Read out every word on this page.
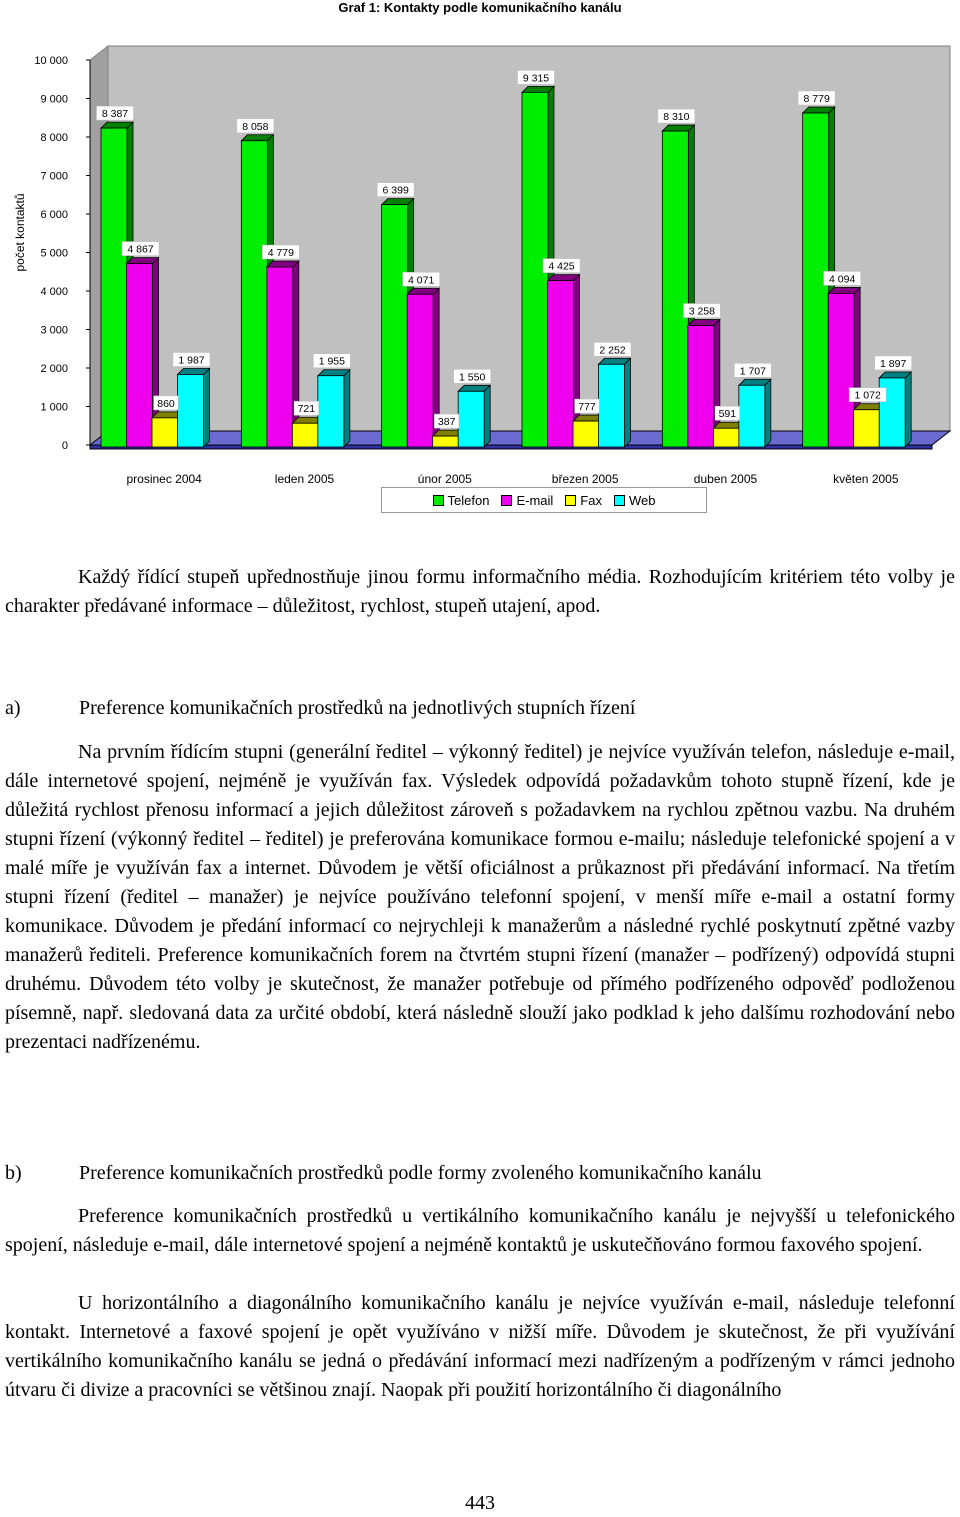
Graf 1: Kontakty podle komunikačního kanálu
0
1 000
2 000
3 000
4 000
5 000
6 000
7 000
8 000
9 000
10 000
počet kontaktů
prosinec 2004	leden 2005	únor 2005	březen 2005	duben 2005	květen 2005
8 387
4 867
860
1 987
8 058
4 779
721
1 955
6 399
4 071
387
1 550
9 315
4 425
777
2 252
8 310
3 258
591
1 707
8 779
4 094
1 072
1 897
Telefon E-mail Fax Web

Každý řídící stupeň upřednostňuje jinou formu informačního média. Rozhodujícím kritériem této volby je charakter předávané informace – důležitost, rychlost, stupeň utajení, apod.

a)	Preference komunikačních prostředků na jednotlivých stupních řízení

Na prvním řídícím stupni (generální ředitel – výkonný ředitel) je nejvíce využíván telefon, následuje e-mail, dále internetové spojení, nejméně je využíván fax. Výsledek odpovídá požadavkům tohoto stupně řízení, kde je důležitá rychlost přenosu informací a jejich důležitost zároveň s požadavkem na rychlou zpětnou vazbu. Na druhém stupni řízení (výkonný ředitel – ředitel) je preferována komunikace formou e-mailu; následuje telefonické spojení a v malé míře je využíván fax a internet. Důvodem je větší oficiálnost a průkaznost při předávání informací. Na třetím stupni řízení (ředitel – manažer) je nejvíce používáno telefonní spojení, v menší míře e-mail a ostatní formy komunikace. Důvodem je předání informací co nejrychleji k manažerům a následné rychlé poskytnutí zpětné vazby manažerů řediteli. Preference komunikačních forem na čtvrtém stupni řízení (manažer – podřízený) odpovídá stupni druhému. Důvodem této volby je skutečnost, že manažer potřebuje od přímého podřízeného odpověď podloženou písemně, např. sledovaná data za určité období, která následně slouží jako podklad k jeho dalšímu rozhodování nebo prezentaci nadřízenému.

b)	Preference komunikačních prostředků podle formy zvoleného komunikačního kanálu

Preference komunikačních prostředků u vertikálního komunikačního kanálu je nejvyšší u telefonického spojení, následuje e-mail, dále internetové spojení a nejméně kontaktů je uskutečňováno formou faxového spojení.

U horizontálního a diagonálního komunikačního kanálu je nejvíce využíván e-mail, následuje telefonní kontakt. Internetové a faxové spojení je opět využíváno v nižší míře. Důvodem je skutečnost, že při využívání vertikálního komunikačního kanálu se jedná o předávání informací mezi nadřízeným a podřízeným v rámci jednoho útvaru či divize a pracovníci se většinou znají. Naopak při použití horizontálního či diagonálního

443
